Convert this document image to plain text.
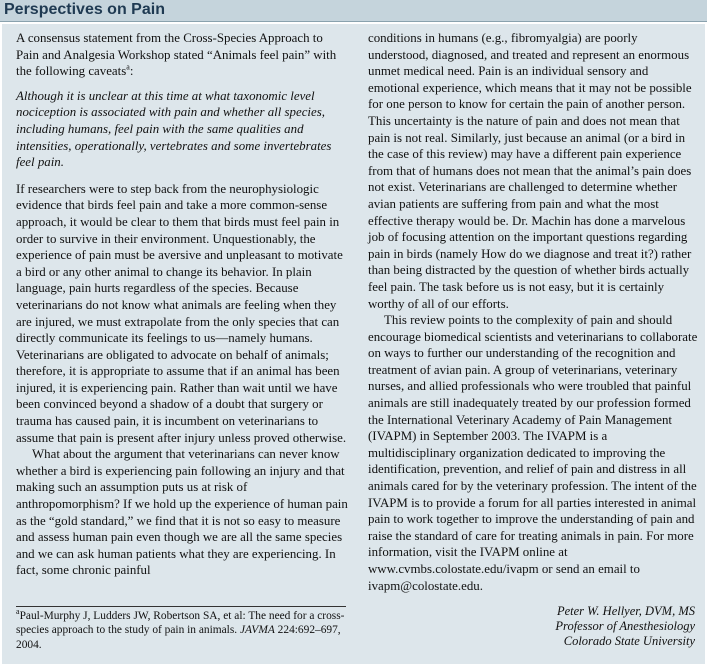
Perspectives on Pain

A consensus statement from the Cross-Species Approach to Pain and Analgesia Workshop stated “Animals feel pain” with the following caveats$^a$:

Although it is unclear at this time at what taxonomic level nociception is associated with pain and whether all species, including humans, feel pain with the same qualities and intensities, operationally, vertebrates and some invertebrates feel pain.

If researchers were to step back from the neurophysiologic evidence that birds feel pain and take a more common-sense approach, it would be clear to them that birds must feel pain in order to survive in their environment. Unquestionably, the experience of pain must be aversive and unpleasant to motivate a bird or any other animal to change its behavior. In plain language, pain hurts regardless of the species. Because veterinarians do not know what animals are feeling when they are injured, we must extrapolate from the only species that can directly communicate its feelings to us—namely humans. Veterinarians are obligated to advocate on behalf of animals; therefore, it is appropriate to assume that if an animal has been injured, it is experiencing pain. Rather than wait until we have been convinced beyond a shadow of a doubt that surgery or trauma has caused pain, it is incumbent on veterinarians to assume that pain is present after injury unless proved otherwise.

What about the argument that veterinarians can never know whether a bird is experiencing pain following an injury and that making such an assumption puts us at risk of anthropomorphism? If we hold up the experience of human pain as the “gold standard,” we find that it is not so easy to measure and assess human pain even though we are all the same species and we can ask human patients what they are experiencing. In fact, some chronic painful

$^a$Paul-Murphy J, Ludders JW, Robertson SA, et al: The need for a cross-species approach to the study of pain in animals. JAVMA 224:692–697, 2004.

conditions in humans (e.g., fibromyalgia) are poorly understood, diagnosed, and treated and represent an enormous unmet medical need. Pain is an individual sensory and emotional experience, which means that it may not be possible for one person to know for certain the pain of another person. This uncertainty is the nature of pain and does not mean that pain is not real. Similarly, just because an animal (or a bird in the case of this review) may have a different pain experience from that of humans does not mean that the animal’s pain does not exist. Veterinarians are challenged to determine whether avian patients are suffering from pain and what the most effective therapy would be. Dr. Machin has done a marvelous job of focusing attention on the important questions regarding pain in birds (namely How do we diagnose and treat it?) rather than being distracted by the question of whether birds actually feel pain. The task before us is not easy, but it is certainly worthy of all of our efforts.

This review points to the complexity of pain and should encourage biomedical scientists and veterinarians to collaborate on ways to further our understanding of the recognition and treatment of avian pain. A group of veterinarians, veterinary nurses, and allied professionals who were troubled that painful animals are still inadequately treated by our profession formed the International Veterinary Academy of Pain Management (IVAPM) in September 2003. The IVAPM is a multidisciplinary organization dedicated to improving the identification, prevention, and relief of pain and distress in all animals cared for by the veterinary profession. The intent of the IVAPM is to provide a forum for all parties interested in animal pain to work together to improve the understanding of pain and raise the standard of care for treating animals in pain. For more information, visit the IVAPM online at www.cvmbs.colostate.edu/ivapm or send an email to ivapm@colostate.edu.

Peter W. Hellyer, DVM, MS
Professor of Anesthesiology
Colorado State University
